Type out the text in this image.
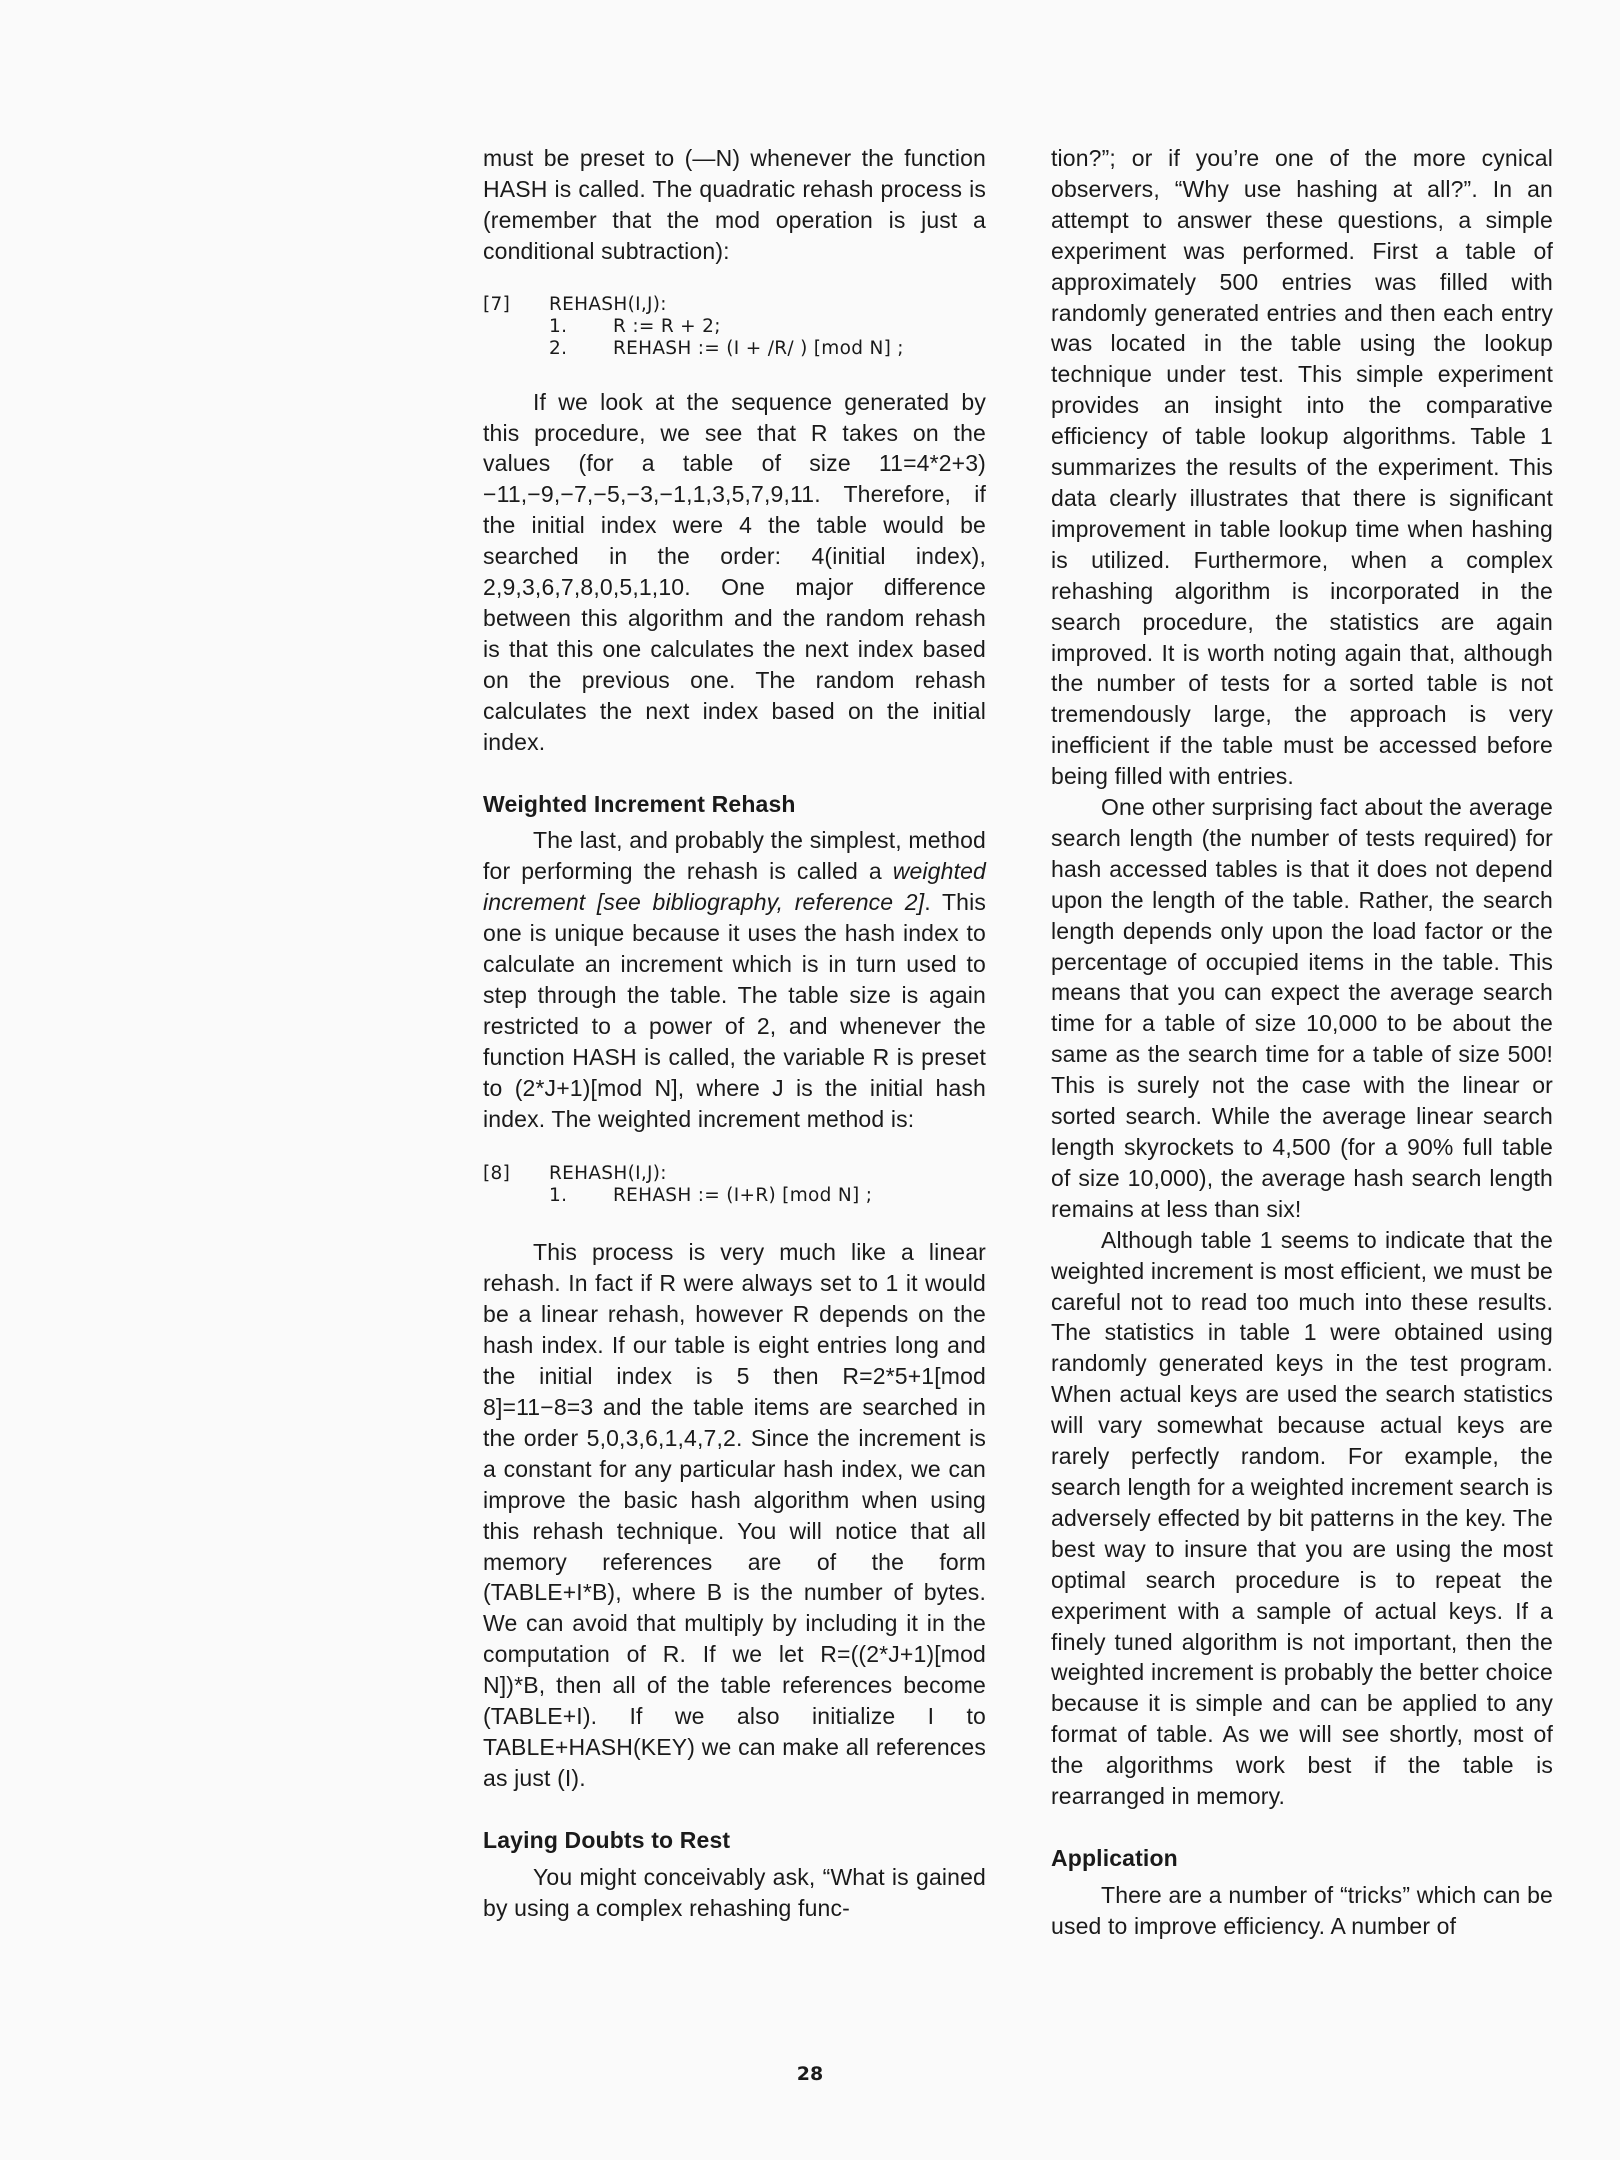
must be preset to (—N) whenever the function HASH is called. The quadratic rehash process is (remember that the mod operation is just a conditional subtraction):

[7]	REHASH(I,J):
1.	R := R + 2;
2.	REHASH := (I + /R/ ) [mod N] ;

If we look at the sequence generated by this procedure, we see that R takes on the values (for a table of size 11=4*2+3) −11,−9,−7,−5,−3,−1,1,3,5,7,9,11. Therefore, if the initial index were 4 the table would be searched in the order: 4(initial index), 2,9,3,6,7,8,0,5,1,10. One major difference between this algorithm and the random rehash is that this one calculates the next index based on the previous one. The random rehash calculates the next index based on the initial index.

Weighted Increment Rehash

The last, and probably the simplest, method for performing the rehash is called a weighted increment [see bibliography, reference 2]. This one is unique because it uses the hash index to calculate an increment which is in turn used to step through the table. The table size is again restricted to a power of 2, and whenever the function HASH is called, the variable R is preset to (2*J+1)[mod N], where J is the initial hash index. The weighted increment method is:

[8]	REHASH(I,J):
1.	REHASH := (I+R) [mod N] ;

This process is very much like a linear rehash. In fact if R were always set to 1 it would be a linear rehash, however R depends on the hash index. If our table is eight entries long and the initial index is 5 then R=2*5+1[mod 8]=11−8=3 and the table items are searched in the order 5,0,3,6,1,4,7,2. Since the increment is a constant for any particular hash index, we can improve the basic hash algorithm when using this rehash technique. You will notice that all memory references are of the form (TABLE+I*B), where B is the number of bytes. We can avoid that multiply by including it in the computation of R. If we let R=((2*J+1)[mod N])*B, then all of the table references become (TABLE+I). If we also initialize I to TABLE+HASH(KEY) we can make all references as just (I).

Laying Doubts to Rest

You might conceivably ask, “What is gained by using a complex rehashing func-

tion?”; or if you’re one of the more cynical observers, “Why use hashing at all?”. In an attempt to answer these questions, a simple experiment was performed. First a table of approximately 500 entries was filled with randomly generated entries and then each entry was located in the table using the lookup technique under test. This simple experiment provides an insight into the comparative efficiency of table lookup algorithms. Table 1 summarizes the results of the experiment. This data clearly illustrates that there is significant improvement in table lookup time when hashing is utilized. Furthermore, when a complex rehashing algorithm is incorporated in the search procedure, the statistics are again improved. It is worth noting again that, although the number of tests for a sorted table is not tremendously large, the approach is very inefficient if the table must be accessed before being filled with entries.

One other surprising fact about the average search length (the number of tests required) for hash accessed tables is that it does not depend upon the length of the table. Rather, the search length depends only upon the load factor or the percentage of occupied items in the table. This means that you can expect the average search time for a table of size 10,000 to be about the same as the search time for a table of size 500! This is surely not the case with the linear or sorted search. While the average linear search length skyrockets to 4,500 (for a 90% full table of size 10,000), the average hash search length remains at less than six!

Although table 1 seems to indicate that the weighted increment is most efficient, we must be careful not to read too much into these results. The statistics in table 1 were obtained using randomly generated keys in the test program. When actual keys are used the search statistics will vary somewhat because actual keys are rarely perfectly random. For example, the search length for a weighted increment search is adversely effected by bit patterns in the key. The best way to insure that you are using the most optimal search procedure is to repeat the experiment with a sample of actual keys. If a finely tuned algorithm is not important, then the weighted increment is probably the better choice because it is simple and can be applied to any format of table. As we will see shortly, most of the algorithms work best if the table is rearranged in memory.

Application

There are a number of “tricks” which can be used to improve efficiency. A number of

28
